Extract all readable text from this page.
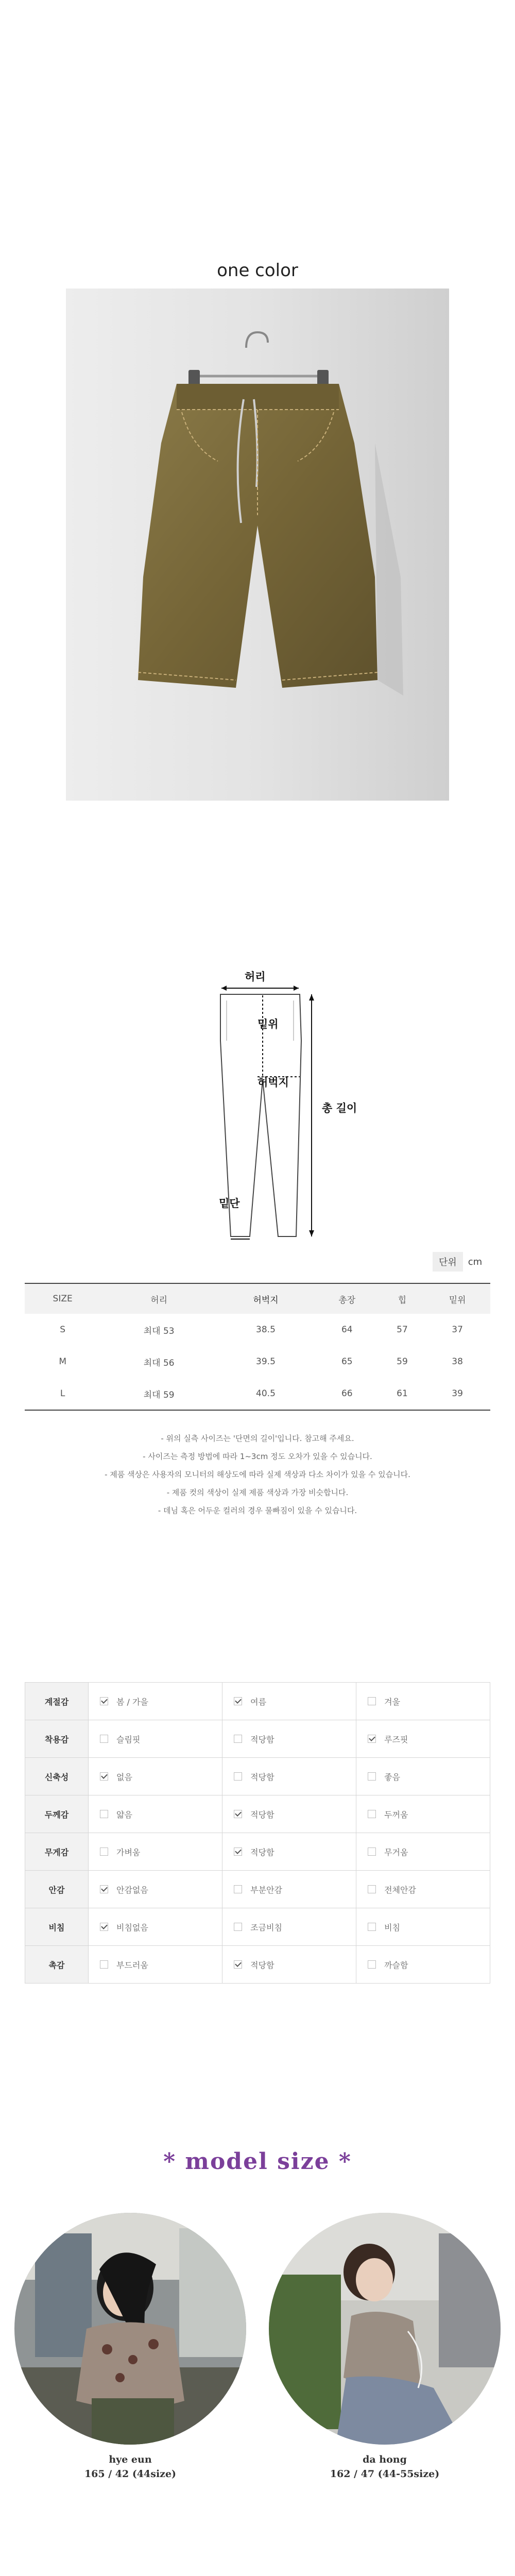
one color
허리
밑위
허벅지
총 길이
밑단
단위	cm
SIZE	허리	허벅지	총장	힙	밑위
S	최대 53	38.5	64	57	37
M	최대 56	39.5	65	59	38
L	최대 59	40.5	66	61	39
- 위의 실측 사이즈는 '단면의 길이'입니다. 참고해 주세요.
- 사이즈는 측정 방법에 따라 1~3cm 정도 오차가 있을 수 있습니다.
- 제품 색상은 사용자의 모니터의 해상도에 따라 실제 색상과 다소 차이가 있을 수 있습니다.
- 제품 컷의 색상이 실제 제품 색상과 가장 비슷합니다.
- 데님 혹은 어두운 컬러의 경우 물빠짐이 있을 수 있습니다.
계절감	봄 / 가을	여름	겨울
착용감	슬림핏	적당함	루즈핏
신축성	없음	적당함	좋음
두께감	얇음	적당함	두꺼움
무게감	가벼움	적당함	무거움
안감	안감없음	부분안감	전체안감
비침	비침없음	조금비침	비침
촉감	부드러움	적당함	까슬함
* model size *
hye eun
165 / 42 (44size)
da hong
162 / 47 (44-55size)
